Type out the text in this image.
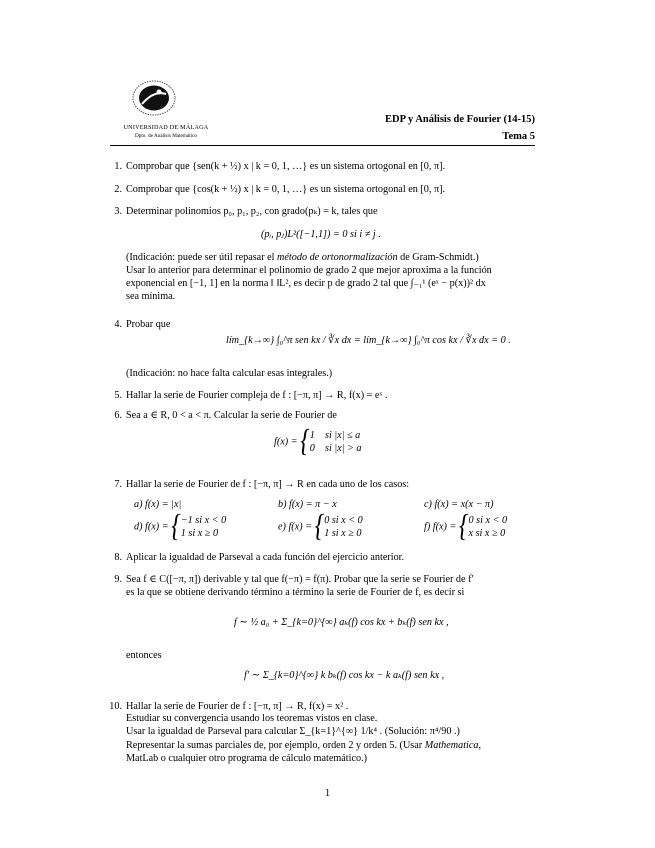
UNIVERSIDAD DE MÁLAGA
Dpto. de Análisis Matemático
EDP y Análisis de Fourier (14-15)
Tema 5
1. Comprobar que {sen(k + ½) x | k = 0, 1, …} es un sistema ortogonal en [0, π].
2. Comprobar que {cos(k + ½) x | k = 0, 1, …} es un sistema ortogonal en [0, π].
3. Determinar polinomios p₀, p₁, p₂, con grado(pₖ) = k, tales que
(pᵢ, pⱼ)L²([−1,1]) = 0 si i ≠ j .
(Indicación: puede ser útil repasar el método de ortonormalización de Gram-Schmidt.)
Usar lo anterior para determinar el polinomio de grado 2 que mejor aproxima a la función
exponencial en [−1, 1] en la norma ‖ ‖L², es decir p de grado 2 tal que ∫₋₁¹ (eˣ − p(x))² dx
sea mínima.
4. Probar que
lím_{k→∞} ∫₀^π sen kx / ∛x dx = lím_{k→∞} ∫₀^π cos kx / ∛x dx = 0 .
(Indicación: no hace falta calcular esas integrales.)
5. Hallar la serie de Fourier compleja de f : [−π, π] → R, f(x) = eˣ .
6. Sea a ∈ R, 0 < a < π. Calcular la serie de Fourier de
f(x) = { 1 si |x| ≤ a
0 si |x| > a
7. Hallar la serie de Fourier de f : [−π, π] → R en cada uno de los casos:
a) f(x) = |x|	b) f(x) = π − x	c) f(x) = x(x − π)
d) f(x) = { −1 si x < 0
1 si x ≥ 0
e) f(x) = { 0 si x < 0
1 si x ≥ 0
f) f(x) = { 0 si x < 0
x si x ≥ 0
8. Aplicar la igualdad de Parseval a cada función del ejercicio anterior.
9. Sea f ∈ C([−π, π]) derivable y tal que f(−π) = f(π). Probar que la serie se Fourier de f′
es la que se obtiene derivando término a término la serie de Fourier de f, es decir si
f ∼ ½ a₀ + Σ_{k=0}^{∞} aₖ(f) cos kx + bₖ(f) sen kx ,
entonces
f′ ∼ Σ_{k=0}^{∞} k bₖ(f) cos kx − k aₖ(f) sen kx ,
10. Hallar la serie de Fourier de f : [−π, π] → R, f(x) = x² .
Estudiar su convergencia usando los teoremas vistos en clase.
Usar la igualdad de Parseval para calcular Σ_{k=1}^{∞} 1/k⁴ . (Solución: π⁴/90 .)
Representar la sumas parciales de, por ejemplo, orden 2 y orden 5. (Usar Mathematica,
MatLab o cualquier otro programa de cálculo matemático.)
1
